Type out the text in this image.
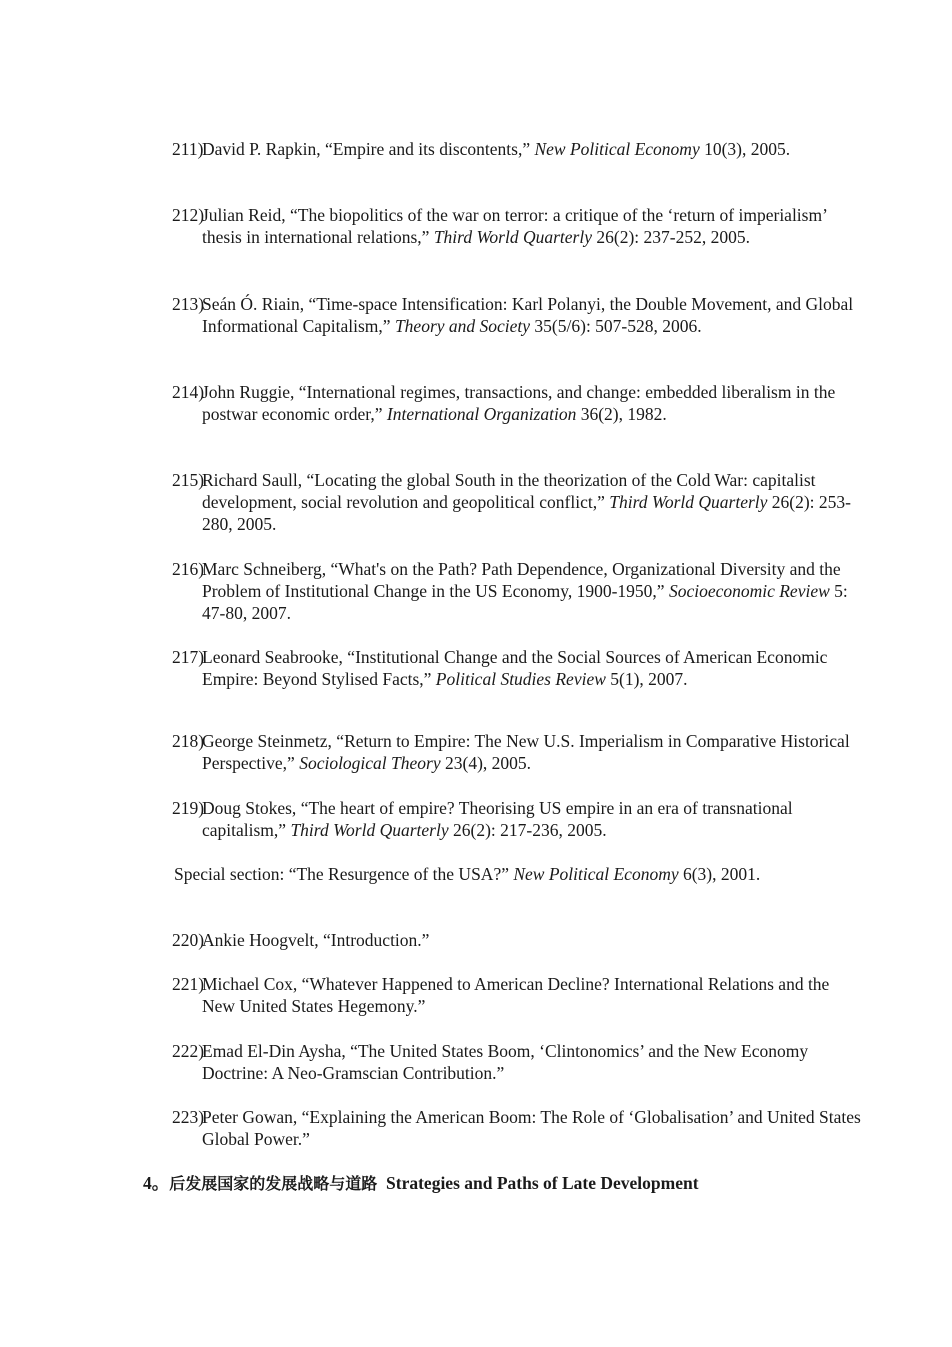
211)David P. Rapkin, “Empire and its discontents,” New Political Economy 10(3), 2005.
212)Julian Reid, “The biopolitics of the war on terror: a critique of the ‘return of imperialism’ thesis in international relations,” Third World Quarterly 26(2): 237-252, 2005.
213)Seán Ó. Riain, “Time-space Intensification: Karl Polanyi, the Double Movement, and Global Informational Capitalism,” Theory and Society 35(5/6): 507-528, 2006.
214)John Ruggie, “International regimes, transactions, and change: embedded liberalism in the postwar economic order,” International Organization 36(2), 1982.
215)Richard Saull, “Locating the global South in the theorization of the Cold War: capitalist development, social revolution and geopolitical conflict,” Third World Quarterly 26(2): 253-280, 2005.
216)Marc Schneiberg, “What's on the Path? Path Dependence, Organizational Diversity and the Problem of Institutional Change in the US Economy, 1900-1950,” Socioeconomic Review 5: 47-80, 2007.
217)Leonard Seabrooke, “Institutional Change and the Social Sources of American Economic Empire: Beyond Stylised Facts,” Political Studies Review 5(1), 2007.
218)George Steinmetz, “Return to Empire: The New U.S. Imperialism in Comparative Historical Perspective,” Sociological Theory 23(4), 2005.
219)Doug Stokes, “The heart of empire? Theorising US empire in an era of transnational capitalism,” Third World Quarterly 26(2): 217-236, 2005.
Special section: “The Resurgence of the USA?” New Political Economy 6(3), 2001.
220)Ankie Hoogvelt, “Introduction.”
221)Michael Cox, “Whatever Happened to American Decline? International Relations and the New United States Hegemony.”
222)Emad El-Din Aysha, “The United States Boom, ‘Clintonomics’ and the New Economy Doctrine: A Neo-Gramscian Contribution.”
223)Peter Gowan, “Explaining the American Boom: The Role of ‘Globalisation’ and United States Global Power.”
4。后发展国家的发展战略与道路 Strategies and Paths of Late Development
